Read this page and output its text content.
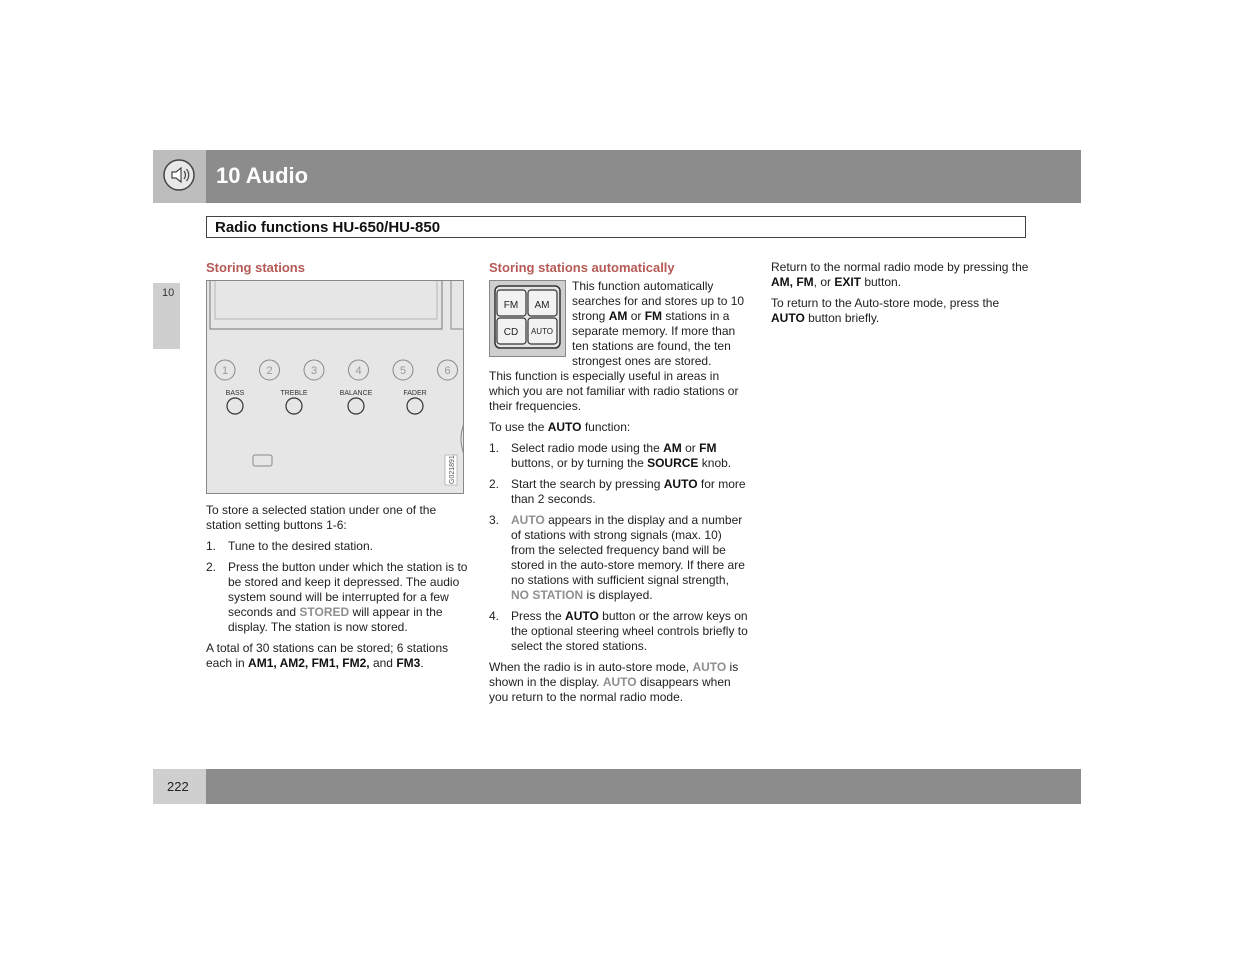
10 Audio
Radio functions HU-650/HU-850
10
Storing stations
1	2	3	4	5	6
BASS	TREBLE	BALANCE	FADER
G021891
To store a selected station under one of the station setting buttons 1-6:
1. Tune to the desired station.
2. Press the button under which the station is to be stored and keep it depressed. The audio system sound will be interrupted for a few seconds and STORED will appear in the display. The station is now stored.
A total of 30 stations can be stored; 6 stations each in AM1, AM2, FM1, FM2, and FM3.
Storing stations automatically
FM AM
CD AUTO
This function automatically searches for and stores up to 10 strong AM or FM stations in a separate memory. If more than ten stations are found, the ten strongest ones are stored.
This function is especially useful in areas in which you are not familiar with radio stations or their frequencies.
To use the AUTO function:
1. Select radio mode using the AM or FM buttons, or by turning the SOURCE knob.
2. Start the search by pressing AUTO for more than 2 seconds.
3. AUTO appears in the display and a number of stations with strong signals (max. 10) from the selected frequency band will be stored in the auto-store memory. If there are no stations with sufficient signal strength, NO STATION is displayed.
4. Press the AUTO button or the arrow keys on the optional steering wheel controls briefly to select the stored stations.
When the radio is in auto-store mode, AUTO is shown in the display. AUTO disappears when you return to the normal radio mode.
Return to the normal radio mode by pressing the AM, FM, or EXIT button.
To return to the Auto-store mode, press the AUTO button briefly.
222
